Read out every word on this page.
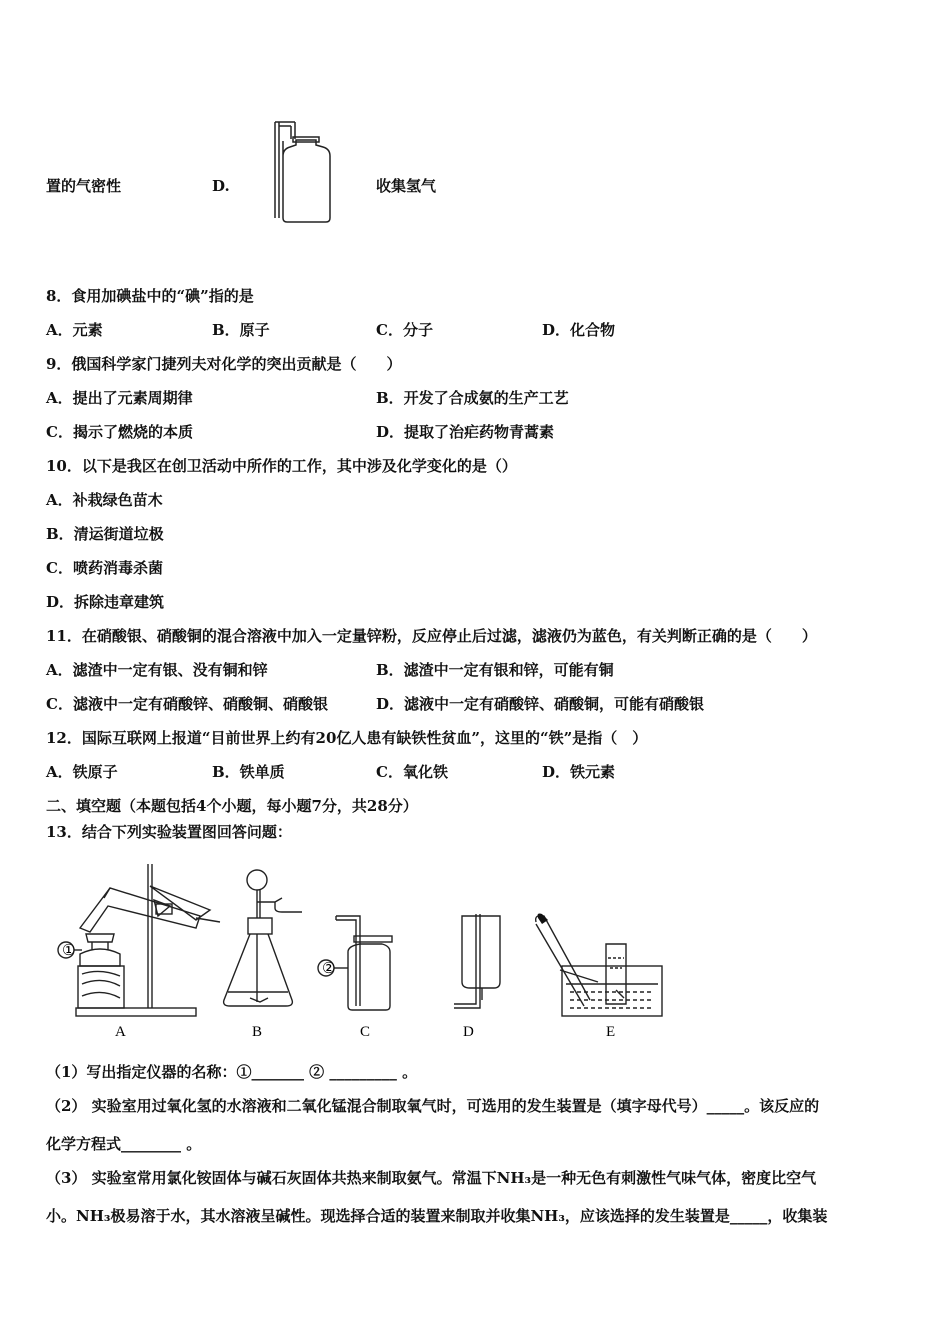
置的气密性	D.	收集氢气
8．食用加碘盐中的“碘”指的是
A．元素	B．原子	C．分子	D．化合物
9．俄国科学家门捷列夫对化学的突出贡献是（　　）
A．提出了元素周期律	B．开发了合成氨的生产工艺
C．揭示了燃烧的本质	D．提取了治疟药物青蒿素
10．以下是我区在创卫活动中所作的工作，其中涉及化学变化的是（）
A．补栽绿色苗木
B．清运街道垃极
C．喷药消毒杀菌
D．拆除违章建筑
11．在硝酸银、硝酸铜的混合溶液中加入一定量锌粉，反应停止后过滤，滤液仍为蓝色，有关判断正确的是（　　）
A．滤渣中一定有银、没有铜和锌	B．滤渣中一定有银和锌，可能有铜
C．滤液中一定有硝酸锌、硝酸铜、硝酸银	D．滤液中一定有硝酸锌、硝酸铜，可能有硝酸银
12．国际互联网上报道“目前世界上约有20亿人患有缺铁性贫血”，这里的“铁”是指（　）
A．铁原子	B．铁单质	C．氧化铁	D．铁元素
二、填空题（本题包括4个小题，每小题7分，共28分）
13．结合下列实验装置图回答问题：
①
②
A	B	C	D	E
（1）写出指定仪器的名称：①_______ ② _________ 。
（2） 实验室用过氧化氢的水溶液和二氧化锰混合制取氧气时，可选用的发生装置是（填字母代号）_____。该反应的
化学方程式________ 。
（3） 实验室常用氯化铵固体与碱石灰固体共热来制取氨气。常温下NH₃是一种无色有刺激性气味气体，密度比空气
小。NH₃极易溶于水，其水溶液呈碱性。现选择合适的装置来制取并收集NH₃，应该选择的发生装置是_____，收集装
